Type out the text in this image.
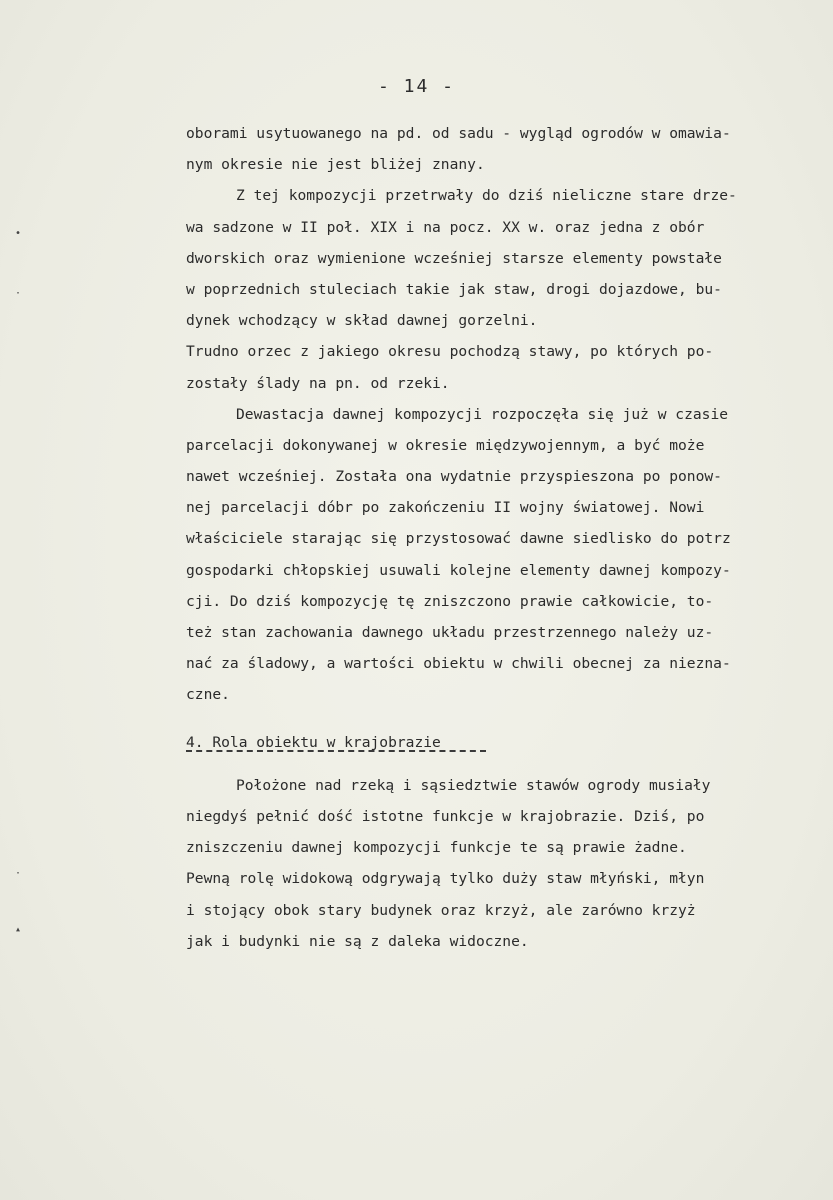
•
·
·
▴
- 14 -
oborami usytuowanego na pd. od sadu - wygląd ogrodów w omawia-
nym okresie nie jest bliżej znany.
Z tej kompozycji przetrwały do dziś nieliczne stare drze-
wa sadzone w II poł. XIX i na pocz. XX w. oraz jedna z obór
dworskich oraz wymienione wcześniej starsze elementy powstałe
w poprzednich stuleciach takie jak staw, drogi dojazdowe, bu-
dynek wchodzący w skład dawnej gorzelni.
Trudno orzec z jakiego okresu pochodzą stawy, po których po-
zostały ślady na pn. od rzeki.
Dewastacja dawnej kompozycji rozpoczęła się już w czasie
parcelacji dokonywanej w okresie międzywojennym, a być może
nawet wcześniej. Została ona wydatnie przyspieszona po ponow-
nej parcelacji dóbr po zakończeniu II wojny światowej. Nowi
właściciele starając się przystosować dawne siedlisko do potrz
gospodarki chłopskiej usuwali kolejne elementy dawnej kompozy-
cji. Do dziś kompozycję tę zniszczono prawie całkowicie, to-
też stan zachowania dawnego układu przestrzennego należy uz-
nać za śladowy, a wartości obiektu w chwili obecnej za nieznа-
czne.
4. Rola obiektu w krajobrazie
Położone nad rzeką i sąsiedztwie stawów ogrody musiały
niegdyś pełnić dość istotne funkcje w krajobrazie. Dziś, po
zniszczeniu dawnej kompozycji funkcje te są prawie żadne.
Pewną rolę widokową odgrywają tylko duży staw młyński, młyn
i stojący obok stary budynek oraz krzyż, ale zarówno krzyż
jak i budynki nie są z daleka widoczne.
